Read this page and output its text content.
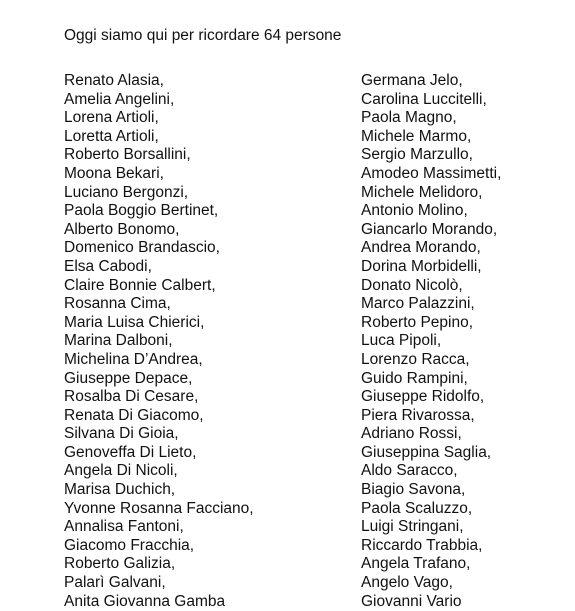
Oggi siamo qui per ricordare 64 persone
Renato Alasia,
Amelia Angelini,
Lorena Artioli,
Loretta Artioli,
Roberto Borsallini,
Moona Bekari,
Luciano Bergonzi,
Paola Boggio Bertinet,
Alberto Bonomo,
Domenico Brandascio,
Elsa Cabodi,
Claire Bonnie Calbert,
Rosanna Cima,
Maria Luisa Chierici,
Marina Dalboni,
Michelina D’Andrea,
Giuseppe Depace,
Rosalba Di Cesare,
Renata Di Giacomo,
Silvana Di Gioia,
Genoveffa Di Lieto,
Angela Di Nicoli,
Marisa Duchich,
Yvonne Rosanna Facciano,
Annalisa Fantoni,
Giacomo Fracchia,
Roberto Galizia,
Palarì Galvani,
Anita Giovanna Gamba
Germana Jelo,
Carolina Luccitelli,
Paola Magno,
Michele Marmo,
Sergio Marzullo,
Amodeo Massimetti,
Michele Melidoro,
Antonio Molino,
Giancarlo Morando,
Andrea Morando,
Dorina Morbidelli,
Donato Nicolò,
Marco Palazzini,
Roberto Pepino,
Luca Pipoli,
Lorenzo Racca,
Guido Rampini,
Giuseppe Ridolfo,
Piera Rivarossa,
Adriano Rossi,
Giuseppina Saglia,
Aldo Saracco,
Biagio Savona,
Paola Scaluzzo,
Luigi Stringani,
Riccardo Trabbia,
Angela Trafano,
Angelo Vago,
Giovanni Vario
